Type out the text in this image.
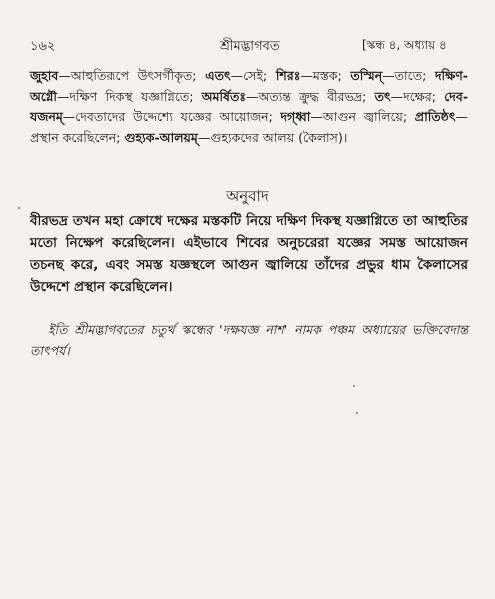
১৬২	শ্রীমদ্ভাগবত	[স্কন্ধ ৪, অধ্যায় ৪
জুহাব—আহুতিরূপে উৎসর্গীকৃত; এতৎ—সেই; শিরঃ—মস্তক; তস্মিন্—তাতে; দক্ষিণ-অগ্নৌ—দক্ষিণ দিকস্থ যজ্ঞাগ্নিতে; অমর্ষিতঃ—অত্যন্ত ক্রুদ্ধ বীরভদ্র; তৎ—দক্ষের; দেব-যজনম্—দেবতাদের উদ্দেশ্যে যজ্ঞের আয়োজন; দগ্ধ্বা—আগুন জ্বালিয়ে; প্রাতিষ্ঠৎ—প্রস্থান করেছিলেন; গুহ্যক-আলয়ম্—গুহ্যকদের আলয় (কৈলাস)।
অনুবাদ
বীরভদ্র তখন মহা ক্রোধে দক্ষের মস্তকটি নিয়ে দক্ষিণ দিকস্থ যজ্ঞাগ্নিতে তা আহুতির মতো নিক্ষেপ করেছিলেন। এইভাবে শিবের অনুচরেরা যজ্ঞের সমস্ত আয়োজন তচনছ করে, এবং সমস্ত যজ্ঞস্থলে আগুন জ্বালিয়ে তাঁদের প্রভুর ধাম কৈলাসের উদ্দেশে প্রস্থান করেছিলেন।
ইতি শ্রীমদ্ভাগবতের চতুর্থ স্কন্ধের 'দক্ষযজ্ঞ নাশ' নামক পঞ্চম অধ্যায়ের ভক্তিবেদান্ত তাৎপর্য।
